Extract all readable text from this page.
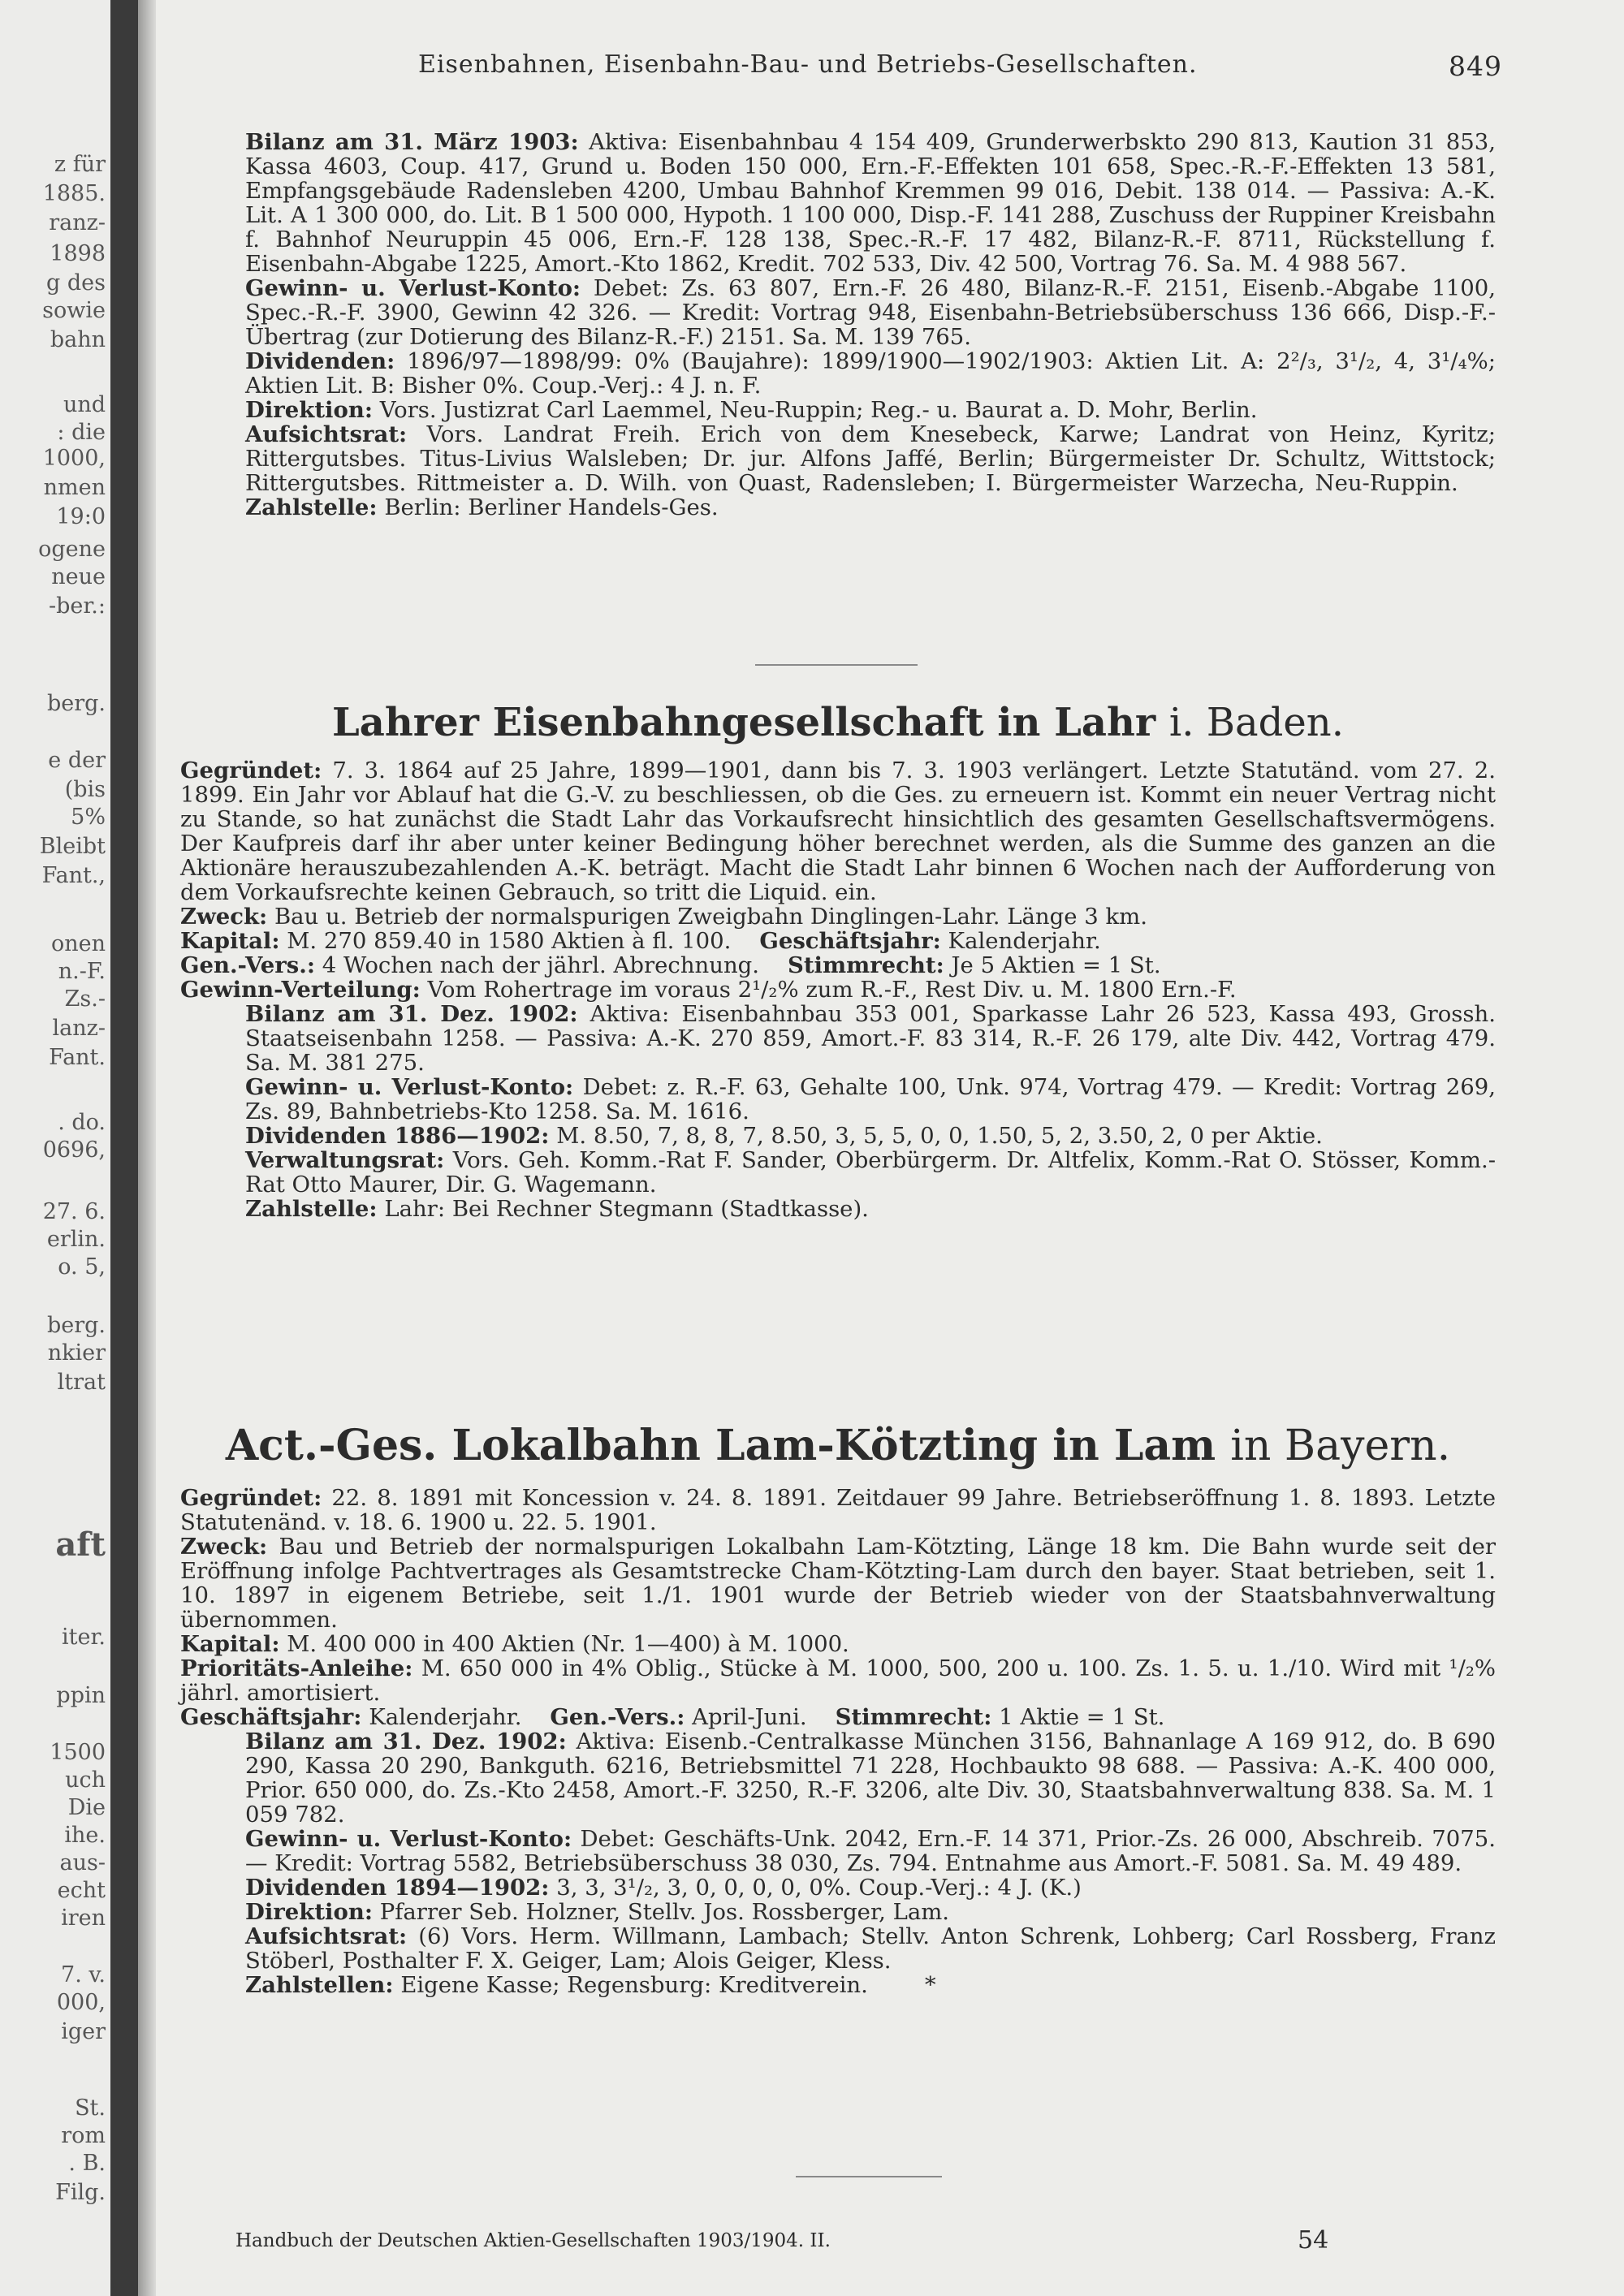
z für
1885.
ranz-
1898
g des
sowie
bahn
und
: die
1000,
nmen
19:0
ogene
neue
-ber.:
berg.
e der
(bis
5%
Bleibt
Fant.,
onen
n.-F.
Zs.-
lanz-
Fant.
. do.
0696,
27. 6.
erlin.
o. 5,
berg.
nkier
ltrat
aft
iter.
ppin
1500
uch
Die
ihe.
aus-
echt
iren
7. v.
000,
iger
St.
rom
. B.
Filg.
Eisenbahnen, Eisenbahn-Bau- und Betriebs-Gesellschaften.	849

Bilanz am 31. März 1903: Aktiva: Eisenbahnbau 4 154 409, Grunderwerbskto 290 813, Kaution 31 853, Kassa 4603, Coup. 417, Grund u. Boden 150 000, Ern.-F.-Effekten 101 658, Spec.-R.-F.-Effekten 13 581, Empfangsgebäude Radensleben 4200, Umbau Bahnhof Kremmen 99 016, Debit. 138 014. — Passiva: A.-K. Lit. A 1 300 000, do. Lit. B 1 500 000, Hypoth. 1 100 000, Disp.-F. 141 288, Zuschuss der Ruppiner Kreisbahn f. Bahnhof Neuruppin 45 006, Ern.-F. 128 138, Spec.-R.-F. 17 482, Bilanz-R.-F. 8711, Rückstellung f. Eisenbahn-Abgabe 1225, Amort.-Kto 1862, Kredit. 702 533, Div. 42 500, Vortrag 76. Sa. M. 4 988 567.

Gewinn- u. Verlust-Konto: Debet: Zs. 63 807, Ern.-F. 26 480, Bilanz-R.-F. 2151, Eisenb.-Abgabe 1100, Spec.-R.-F. 3900, Gewinn 42 326. — Kredit: Vortrag 948, Eisenbahn-Betriebsüberschuss 136 666, Disp.-F.-Übertrag (zur Dotierung des Bilanz-R.-F.) 2151. Sa. M. 139 765.

Dividenden: 1896/97—1898/99: 0% (Baujahre): 1899/1900—1902/1903: Aktien Lit. A: 2²/₃, 3¹/₂, 4, 3¹/₄%; Aktien Lit. B: Bisher 0%. Coup.-Verj.: 4 J. n. F.

Direktion: Vors. Justizrat Carl Laemmel, Neu-Ruppin; Reg.- u. Baurat a. D. Mohr, Berlin.

Aufsichtsrat: Vors. Landrat Freih. Erich von dem Knesebeck, Karwe; Landrat von Heinz, Kyritz; Rittergutsbes. Titus-Livius Walsleben; Dr. jur. Alfons Jaffé, Berlin; Bürgermeister Dr. Schultz, Wittstock; Rittergutsbes. Rittmeister a. D. Wilh. von Quast, Radensleben; I. Bürgermeister Warzecha, Neu-Ruppin.     Zahlstelle: Berlin: Berliner Handels-Ges.

Lahrer Eisenbahngesellschaft in Lahr i. Baden.

Gegründet: 7. 3. 1864 auf 25 Jahre, 1899—1901, dann bis 7. 3. 1903 verlängert. Letzte Statutänd. vom 27. 2. 1899. Ein Jahr vor Ablauf hat die G.-V. zu beschliessen, ob die Ges. zu erneuern ist. Kommt ein neuer Vertrag nicht zu Stande, so hat zunächst die Stadt Lahr das Vorkaufsrecht hinsichtlich des gesamten Gesellschaftsvermögens. Der Kaufpreis darf ihr aber unter keiner Bedingung höher berechnet werden, als die Summe des ganzen an die Aktionäre herauszubezahlenden A.-K. beträgt. Macht die Stadt Lahr binnen 6 Wochen nach der Aufforderung von dem Vorkaufsrechte keinen Gebrauch, so tritt die Liquid. ein.

Zweck: Bau u. Betrieb der normalspurigen Zweigbahn Dinglingen-Lahr. Länge 3 km.

Kapital: M. 270 859.40 in 1580 Aktien à fl. 100. Geschäftsjahr: Kalenderjahr.

Gen.-Vers.: 4 Wochen nach der jährl. Abrechnung. Stimmrecht: Je 5 Aktien = 1 St.

Gewinn-Verteilung: Vom Rohertrage im voraus 2¹/₂% zum R.-F., Rest Div. u. M. 1800 Ern.-F.

Bilanz am 31. Dez. 1902: Aktiva: Eisenbahnbau 353 001, Sparkasse Lahr 26 523, Kassa 493, Grossh. Staatseisenbahn 1258. — Passiva: A.-K. 270 859, Amort.-F. 83 314, R.-F. 26 179, alte Div. 442, Vortrag 479. Sa. M. 381 275.

Gewinn- u. Verlust-Konto: Debet: z. R.-F. 63, Gehalte 100, Unk. 974, Vortrag 479. — Kredit: Vortrag 269, Zs. 89, Bahnbetriebs-Kto 1258. Sa. M. 1616.

Dividenden 1886—1902: M. 8.50, 7, 8, 8, 7, 8.50, 3, 5, 5, 0, 0, 1.50, 5, 2, 3.50, 2, 0 per Aktie.

Verwaltungsrat: Vors. Geh. Komm.-Rat F. Sander, Oberbürgerm. Dr. Altfelix, Komm.-Rat O. Stösser, Komm.-Rat Otto Maurer, Dir. G. Wagemann.

Zahlstelle: Lahr: Bei Rechner Stegmann (Stadtkasse).

Act.-Ges. Lokalbahn Lam-Kötzting in Lam in Bayern.

Gegründet: 22. 8. 1891 mit Koncession v. 24. 8. 1891. Zeitdauer 99 Jahre. Betriebseröffnung 1. 8. 1893. Letzte Statutenänd. v. 18. 6. 1900 u. 22. 5. 1901.

Zweck: Bau und Betrieb der normalspurigen Lokalbahn Lam-Kötzting, Länge 18 km. Die Bahn wurde seit der Eröffnung infolge Pachtvertrages als Gesamtstrecke Cham-Kötzting-Lam durch den bayer. Staat betrieben, seit 1. 10. 1897 in eigenem Betriebe, seit 1./1. 1901 wurde der Betrieb wieder von der Staatsbahnverwaltung übernommen.

Kapital: M. 400 000 in 400 Aktien (Nr. 1—400) à M. 1000.

Prioritäts-Anleihe: M. 650 000 in 4% Oblig., Stücke à M. 1000, 500, 200 u. 100. Zs. 1. 5. u. 1./10. Wird mit ¹/₂% jährl. amortisiert.

Geschäftsjahr: Kalenderjahr. Gen.-Vers.: April-Juni. Stimmrecht: 1 Aktie = 1 St.

Bilanz am 31. Dez. 1902: Aktiva: Eisenb.-Centralkasse München 3156, Bahnanlage A 169 912, do. B 690 290, Kassa 20 290, Bankguth. 6216, Betriebsmittel 71 228, Hochbaukto 98 688. — Passiva: A.-K. 400 000, Prior. 650 000, do. Zs.-Kto 2458, Amort.-F. 3250, R.-F. 3206, alte Div. 30, Staatsbahnverwaltung 838. Sa. M. 1 059 782.

Gewinn- u. Verlust-Konto: Debet: Geschäfts-Unk. 2042, Ern.-F. 14 371, Prior.-Zs. 26 000, Abschreib. 7075. — Kredit: Vortrag 5582, Betriebsüberschuss 38 030, Zs. 794. Entnahme aus Amort.-F. 5081. Sa. M. 49 489.

Dividenden 1894—1902: 3, 3, 3¹/₂, 3, 0, 0, 0, 0, 0%. Coup.-Verj.: 4 J. (K.)

Direktion: Pfarrer Seb. Holzner, Stellv. Jos. Rossberger, Lam.

Aufsichtsrat: (6) Vors. Herm. Willmann, Lambach; Stellv. Anton Schrenk, Lohberg; Carl Rossberg, Franz Stöberl, Posthalter F. X. Geiger, Lam; Alois Geiger, Kless.

Zahlstellen: Eigene Kasse; Regensburg: Kreditverein.	*

Handbuch der Deutschen Aktien-Gesellschaften 1903/1904. II.	54
